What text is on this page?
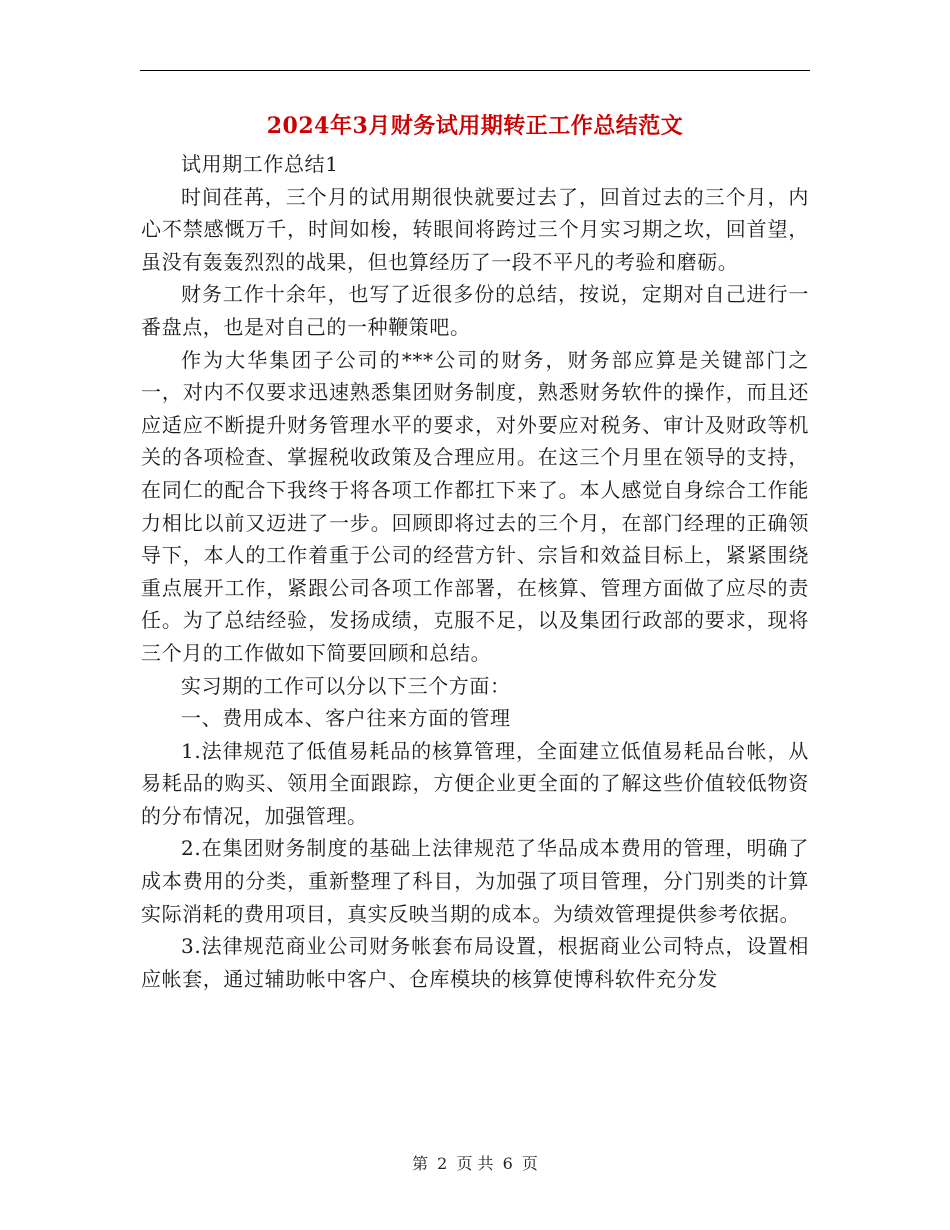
2024年3月财务试用期转正工作总结范文

试用期工作总结1

时间荏苒，三个月的试用期很快就要过去了，回首过去的三个月，内心不禁感慨万千，时间如梭，转眼间将跨过三个月实习期之坎，回首望，虽没有轰轰烈烈的战果，但也算经历了一段不平凡的考验和磨砺。

财务工作十余年，也写了近很多份的总结，按说，定期对自己进行一番盘点，也是对自己的一种鞭策吧。

作为大华集团子公司的***公司的财务，财务部应算是关键部门之一，对内不仅要求迅速熟悉集团财务制度，熟悉财务软件的操作，而且还应适应不断提升财务管理水平的要求，对外要应对税务、审计及财政等机关的各项检查、掌握税收政策及合理应用。在这三个月里在领导的支持，在同仁的配合下我终于将各项工作都扛下来了。本人感觉自身综合工作能力相比以前又迈进了一步。回顾即将过去的三个月，在部门经理的正确领导下，本人的工作着重于公司的经营方针、宗旨和效益目标上，紧紧围绕重点展开工作，紧跟公司各项工作部署，在核算、管理方面做了应尽的责任。为了总结经验，发扬成绩，克服不足，以及集团行政部的要求，现将三个月的工作做如下简要回顾和总结。

实习期的工作可以分以下三个方面：

一、费用成本、客户往来方面的管理

1.法律规范了低值易耗品的核算管理，全面建立低值易耗品台帐，从易耗品的购买、领用全面跟踪，方便企业更全面的了解这些价值较低物资的分布情况，加强管理。

2.在集团财务制度的基础上法律规范了华品成本费用的管理，明确了成本费用的分类，重新整理了科目，为加强了项目管理，分门别类的计算实际消耗的费用项目，真实反映当期的成本。为绩效管理提供参考依据。

3.法律规范商业公司财务帐套布局设置，根据商业公司特点，设置相应帐套，通过辅助帐中客户、仓库模块的核算使博科软件充分发

第 2 页 共 6 页
